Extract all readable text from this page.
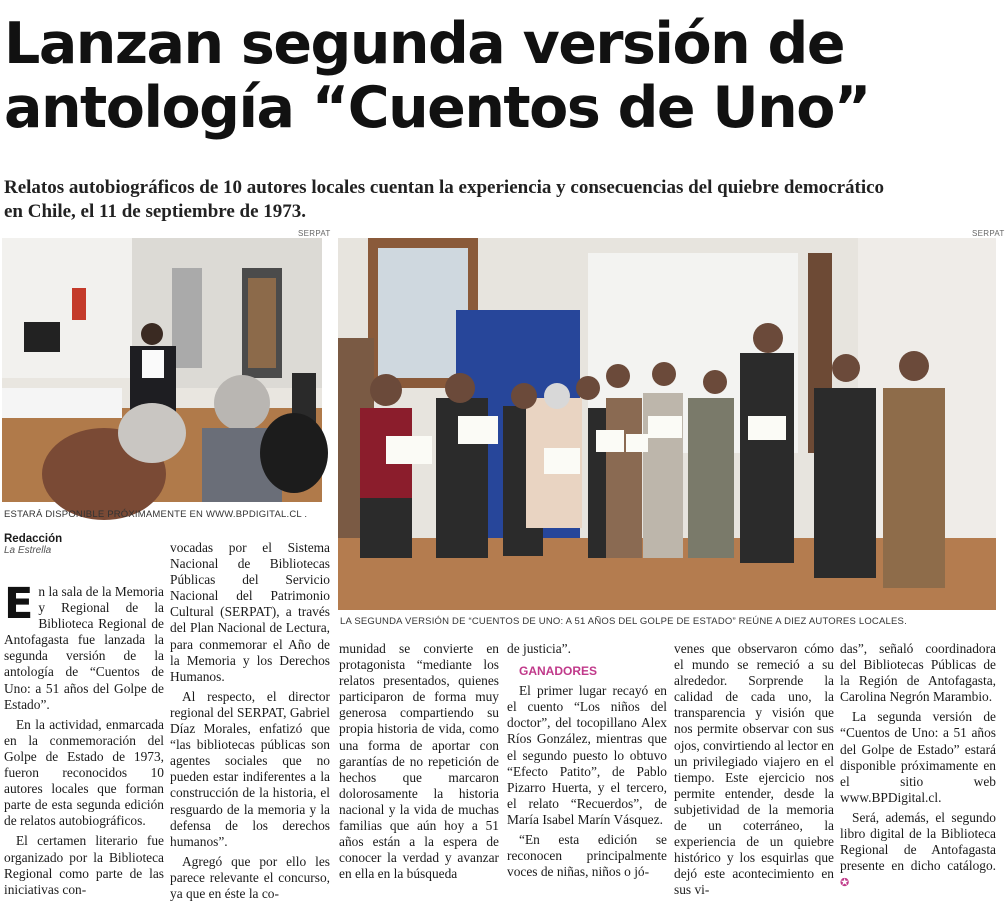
Lanzan segunda versión de antología “Cuentos de Uno”

Relatos autobiográficos de 10 autores locales cuentan la experiencia y consecuencias del quiebre democrático en Chile, el 11 de septiembre de 1973.

SERPAT

ESTARÁ DISPONIBLE PRÓXIMAMENTE EN WWW.BPDIGITAL.CL .

SERPAT

LA SEGUNDA VERSIÓN DE “CUENTOS DE UNO: A 51 AÑOS DEL GOLPE DE ESTADO” REÚNE A DIEZ AUTORES LOCALES.

Redacción
La Estrella

En la sala de la Memoria y Regional de la Biblioteca Regional de Antofagasta fue lanzada la segunda versión de la antología de “Cuentos de Uno: a 51 años del Golpe de Estado”.

En la actividad, enmarcada en la conmemoración del Golpe de Estado de 1973, fueron reconocidos 10 autores locales que forman parte de esta segunda edición de relatos autobiográficos.

El certamen literario fue organizado por la Biblioteca Regional como parte de las iniciativas con-

vocadas por el Sistema Nacional de Bibliotecas Públicas del Servicio Nacional del Patrimonio Cultural (SERPAT), a través del Plan Nacional de Lectura, para conmemorar el Año de la Memoria y los Derechos Humanos.

Al respecto, el director regional del SERPAT, Gabriel Díaz Morales, enfatizó que “las bibliotecas públicas son agentes sociales que no pueden estar indiferentes a la construcción de la historia, el resguardo de la memoria y la defensa de los derechos humanos”.

Agregó que por ello les parece relevante el concurso, ya que en éste la co-

munidad se convierte en protagonista “mediante los relatos presentados, quienes participaron de forma muy generosa compartiendo su propia historia de vida, como una forma de aportar con garantías de no repetición de hechos que marcaron dolorosamente la historia nacional y la vida de muchas familias que aún hoy a 51 años están a la espera de conocer la verdad y avanzar en ella en la búsqueda

de justicia”.

GANADORES

El primer lugar recayó en el cuento “Los niños del doctor”, del tocopillano Alex Ríos González, mientras que el segundo puesto lo obtuvo “Efecto Patito”, de Pablo Pizarro Huerta, y el tercero, el relato “Recuerdos”, de María Isabel Marín Vásquez.

“En esta edición se reconocen principalmente voces de niñas, niños o jó-

venes que observaron cómo el mundo se remeció a su alrededor. Sorprende la calidad de cada uno, la transparencia y visión que nos permite observar con sus ojos, convirtiendo al lector en un privilegiado viajero en el tiempo. Este ejercicio nos permite entender, desde la subjetividad de la memoria de un coterráneo, la experiencia de un quiebre histórico y los esquirlas que dejó este acontecimiento en sus vi-

das”, señaló coordinadora del Bibliotecas Públicas de la Región de Antofagasta, Carolina Negrón Marambio.

La segunda versión de “Cuentos de Uno: a 51 años del Golpe de Estado” estará disponible próximamente en el sitio web www.BPDigital.cl.

Será, además, el segundo libro digital de la Biblioteca Regional de Antofagasta presente en dicho catálogo. ✪
